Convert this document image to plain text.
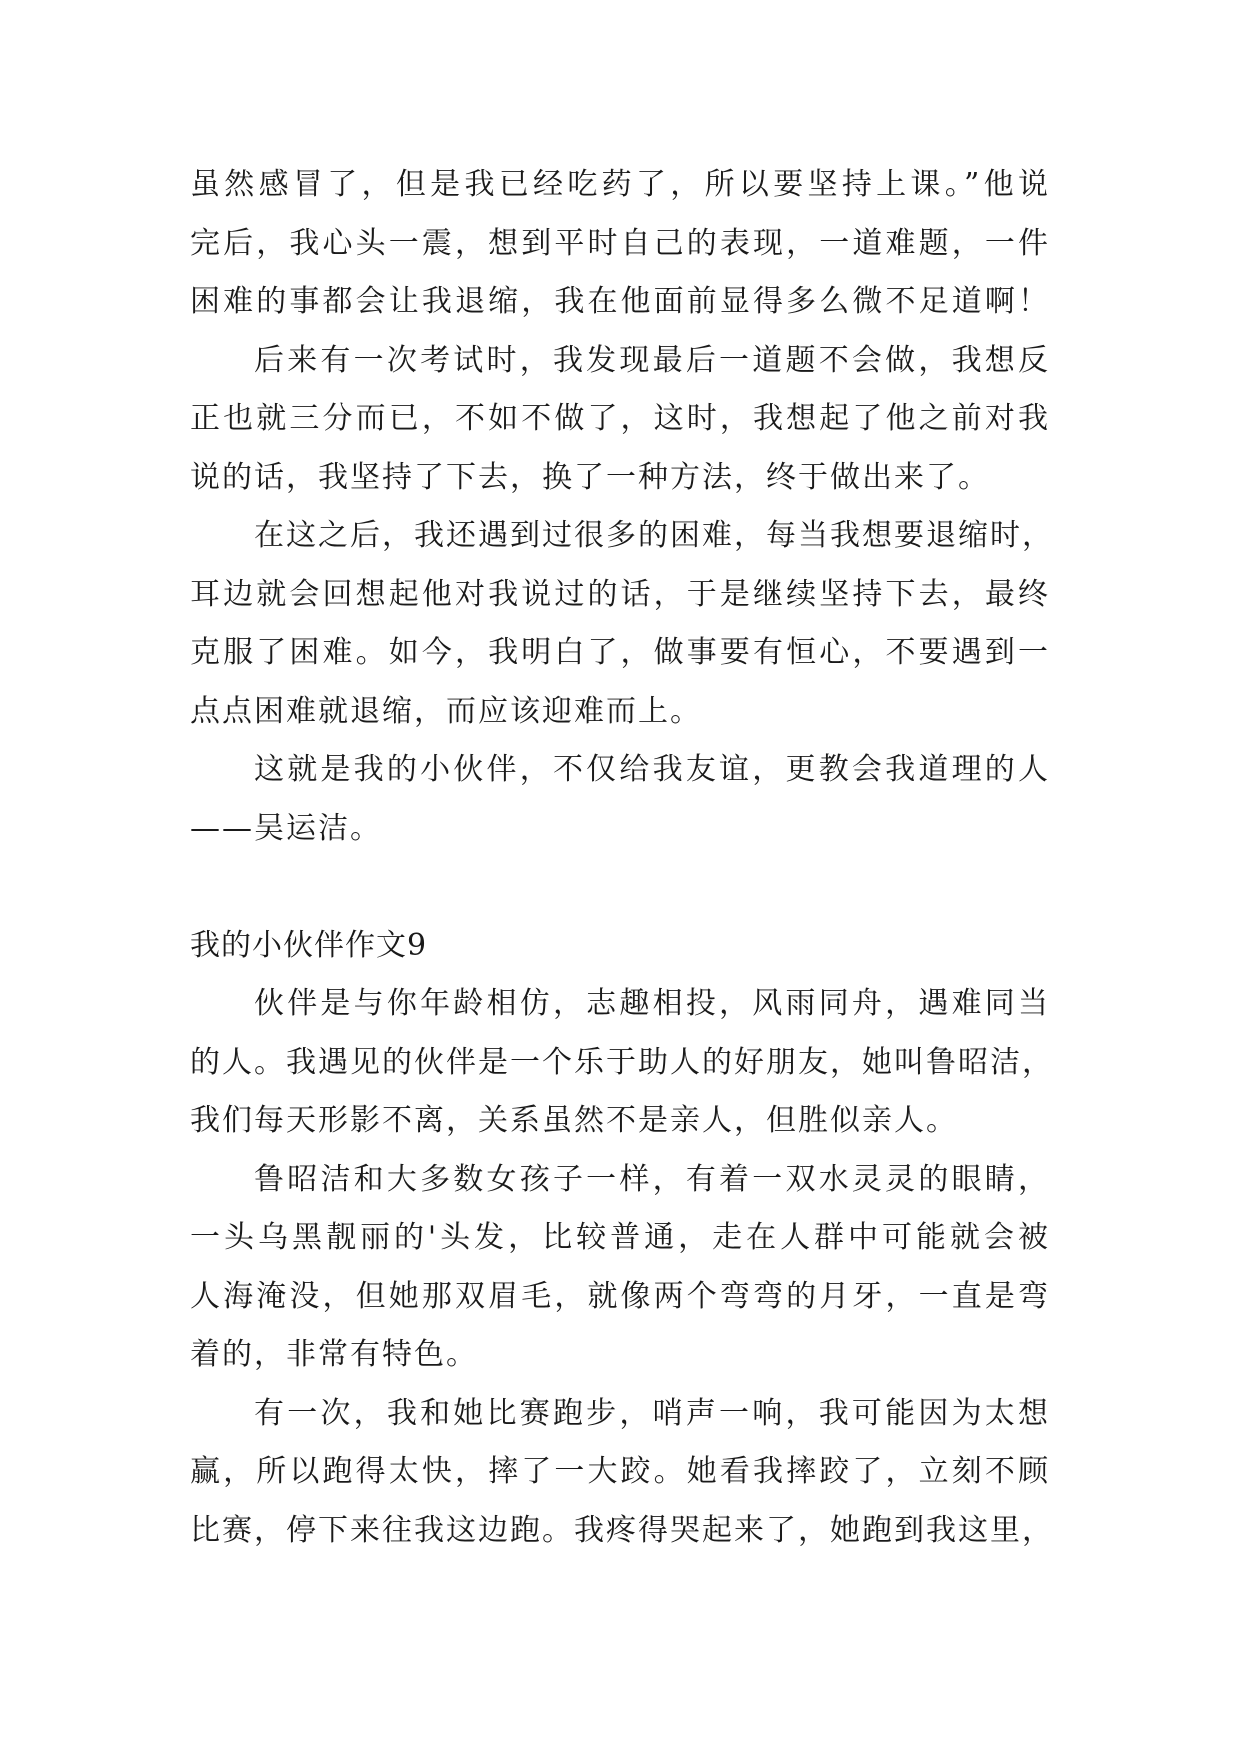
虽然感冒了，但是我已经吃药了，所以要坚持上课。”他说
完后，我心头一震，想到平时自己的表现，一道难题，一件
困难的事都会让我退缩，我在他面前显得多么微不足道啊！
后来有一次考试时，我发现最后一道题不会做，我想反
正也就三分而已，不如不做了，这时，我想起了他之前对我
说的话，我坚持了下去，换了一种方法，终于做出来了。
在这之后，我还遇到过很多的困难，每当我想要退缩时，
耳边就会回想起他对我说过的话，于是继续坚持下去，最终
克服了困难。如今，我明白了，做事要有恒心，不要遇到一
点点困难就退缩，而应该迎难而上。
这就是我的小伙伴，不仅给我友谊，更教会我道理的人
——吴运洁。
我的小伙伴作文9
伙伴是与你年龄相仿，志趣相投，风雨同舟，遇难同当
的人。我遇见的伙伴是一个乐于助人的好朋友，她叫鲁昭洁，
我们每天形影不离，关系虽然不是亲人，但胜似亲人。
鲁昭洁和大多数女孩子一样，有着一双水灵灵的眼睛，
一头乌黑靓丽的'头发，比较普通，走在人群中可能就会被
人海淹没，但她那双眉毛，就像两个弯弯的月牙，一直是弯
着的，非常有特色。
有一次，我和她比赛跑步，哨声一响，我可能因为太想
赢，所以跑得太快，摔了一大跤。她看我摔跤了，立刻不顾
比赛，停下来往我这边跑。我疼得哭起来了，她跑到我这里，
